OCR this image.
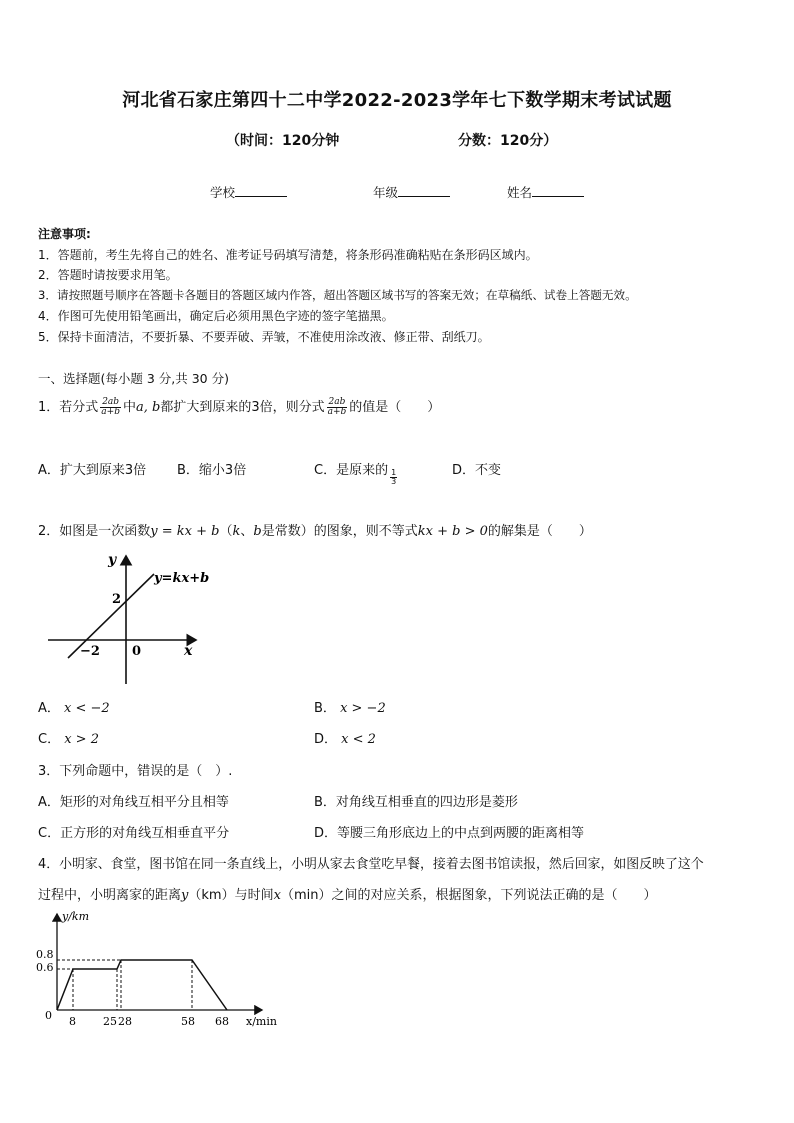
河北省石家庄第四十二中学2022-2023学年七下数学期末考试试题
（时间：120分钟	分数：120分）
学校	年级	姓名
注意事项:
1．答题前，考生先将自己的姓名、准考证号码填写清楚，将条形码准确粘贴在条形码区域内。
2．答题时请按要求用笔。
3．请按照题号顺序在答题卡各题目的答题区域内作答，超出答题区域书写的答案无效；在草稿纸、试卷上答题无效。
4．作图可先使用铅笔画出，确定后必须用黑色字迹的签字笔描黑。
5．保持卡面清洁，不要折暴、不要弄破、弄皱，不准使用涂改液、修正带、刮纸刀。
一、选择题(每小题 3 分,共 30 分)
1．若分式 $\frac{2ab}{a+b}$ 中a, b都扩大到原来的3倍，则分式 $\frac{2ab}{a+b}$ 的值是（ ）
A．扩大到原来3倍 B．缩小3倍	C．是原来的 $\frac{1}{3}$	D．不变
2．如图是一次函数y = kx + b（k、b是常数）的图象，则不等式kx + b > 0的解集是（ ）
y
x
y=kx+b
2
−2 0
A． x < −2	B． x > −2
C． x > 2	D． x < 2
3．下列命题中，错误的是（　）.
A．矩形的对角线互相平分且相等	B．对角线互相垂直的四边形是菱形
C．正方形的对角线互相垂直平分	D．等腰三角形底边上的中点到两腰的距离相等
4．小明家、食堂，图书馆在同一条直线上，小明从家去食堂吃早餐，接着去图书馆读报，然后回家，如图反映了这个
过程中，小明离家的距离y（km）与时间x（min）之间的对应关系，根据图象，下列说法正确的是（ ）
y/km
x/min
0.8
0.6
0 8 25 28	58 68
